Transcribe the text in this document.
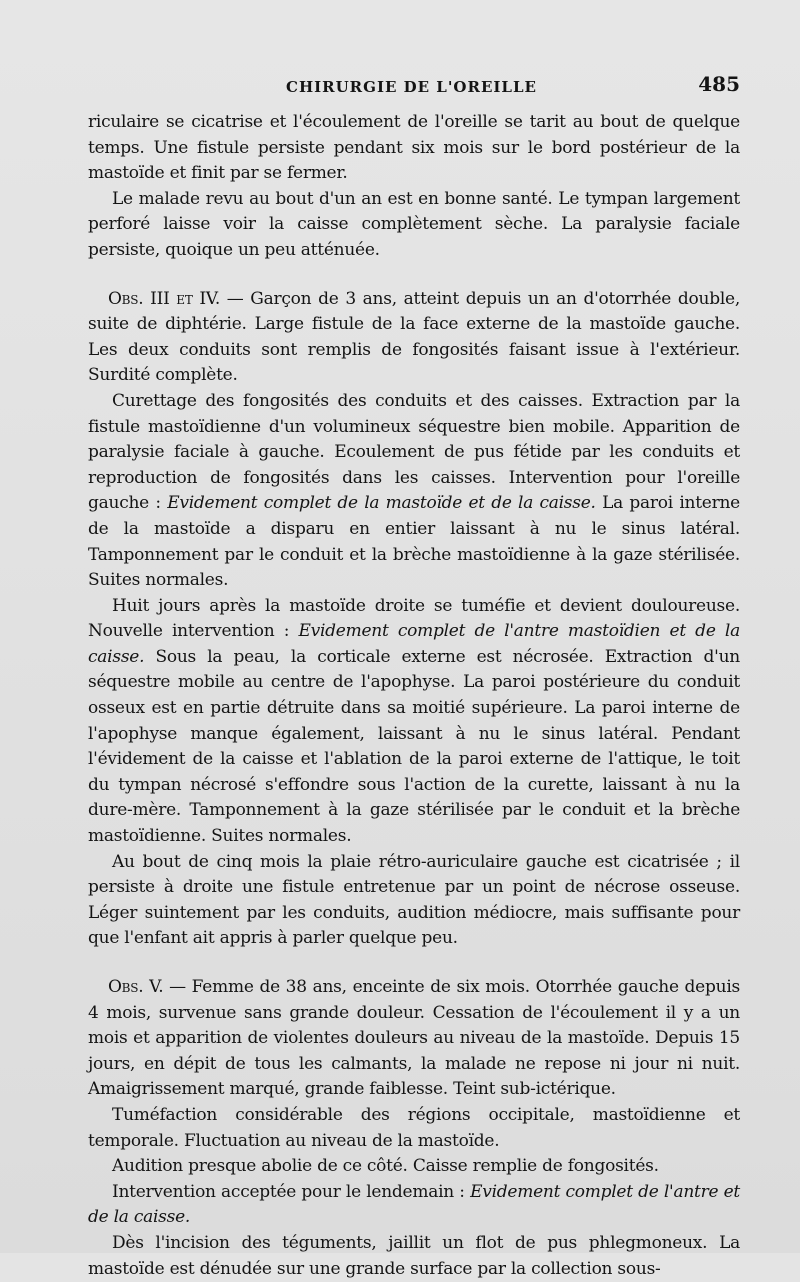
CHIRURGIE DE L'OREILLE	485

riculaire se cicatrise et l'écoulement de l'oreille se tarit au bout de quelque temps. Une fistule persiste pendant six mois sur le bord postérieur de la mastoïde et finit par se fermer.

Le malade revu au bout d'un an est en bonne santé. Le tympan largement perforé laisse voir la caisse complètement sèche. La paralysie faciale persiste, quoique un peu atténuée.

Obs. III et IV. — Garçon de 3 ans, atteint depuis un an d'otorrhée double, suite de diphtérie. Large fistule de la face externe de la mastoïde gauche. Les deux conduits sont remplis de fongosités faisant issue à l'extérieur. Surdité complète.

Curettage des fongosités des conduits et des caisses. Extraction par la fistule mastoïdienne d'un volumineux séquestre bien mobile. Apparition de paralysie faciale à gauche. Ecoulement de pus fétide par les conduits et reproduction de fongosités dans les caisses. Intervention pour l'oreille gauche : Evidement complet de la mastoïde et de la caisse. La paroi interne de la mastoïde a disparu en entier laissant à nu le sinus latéral. Tamponnement par le conduit et la brèche mastoïdienne à la gaze stérilisée. Suites normales.

Huit jours après la mastoïde droite se tuméfie et devient douloureuse. Nouvelle intervention : Evidement complet de l'antre mastoïdien et de la caisse. Sous la peau, la corticale externe est nécrosée. Extraction d'un séquestre mobile au centre de l'apophyse. La paroi postérieure du conduit osseux est en partie détruite dans sa moitié supérieure. La paroi interne de l'apophyse manque également, laissant à nu le sinus latéral. Pendant l'évidement de la caisse et l'ablation de la paroi externe de l'attique, le toit du tympan nécrosé s'effondre sous l'action de la curette, laissant à nu la dure-mère. Tamponnement à la gaze stérilisée par le conduit et la brèche mastoïdienne. Suites normales.

Au bout de cinq mois la plaie rétro-auriculaire gauche est cicatrisée ; il persiste à droite une fistule entretenue par un point de nécrose osseuse. Léger suintement par les conduits, audition médiocre, mais suffisante pour que l'enfant ait appris à parler quelque peu.

Obs. V. — Femme de 38 ans, enceinte de six mois. Otorrhée gauche depuis 4 mois, survenue sans grande douleur. Cessation de l'écoulement il y a un mois et apparition de violentes douleurs au niveau de la mastoïde. Depuis 15 jours, en dépit de tous les calmants, la malade ne repose ni jour ni nuit. Amaigrissement marqué, grande faiblesse. Teint sub-ictérique.

Tuméfaction considérable des régions occipitale, mastoïdienne et temporale. Fluctuation au niveau de la mastoïde.

Audition presque abolie de ce côté. Caisse remplie de fongosités.

Intervention acceptée pour le lendemain : Evidement complet de l'antre et de la caisse.

Dès l'incision des téguments, jaillit un flot de pus phlegmoneux. La mastoïde est dénudée sur une grande surface par la collection sous-
